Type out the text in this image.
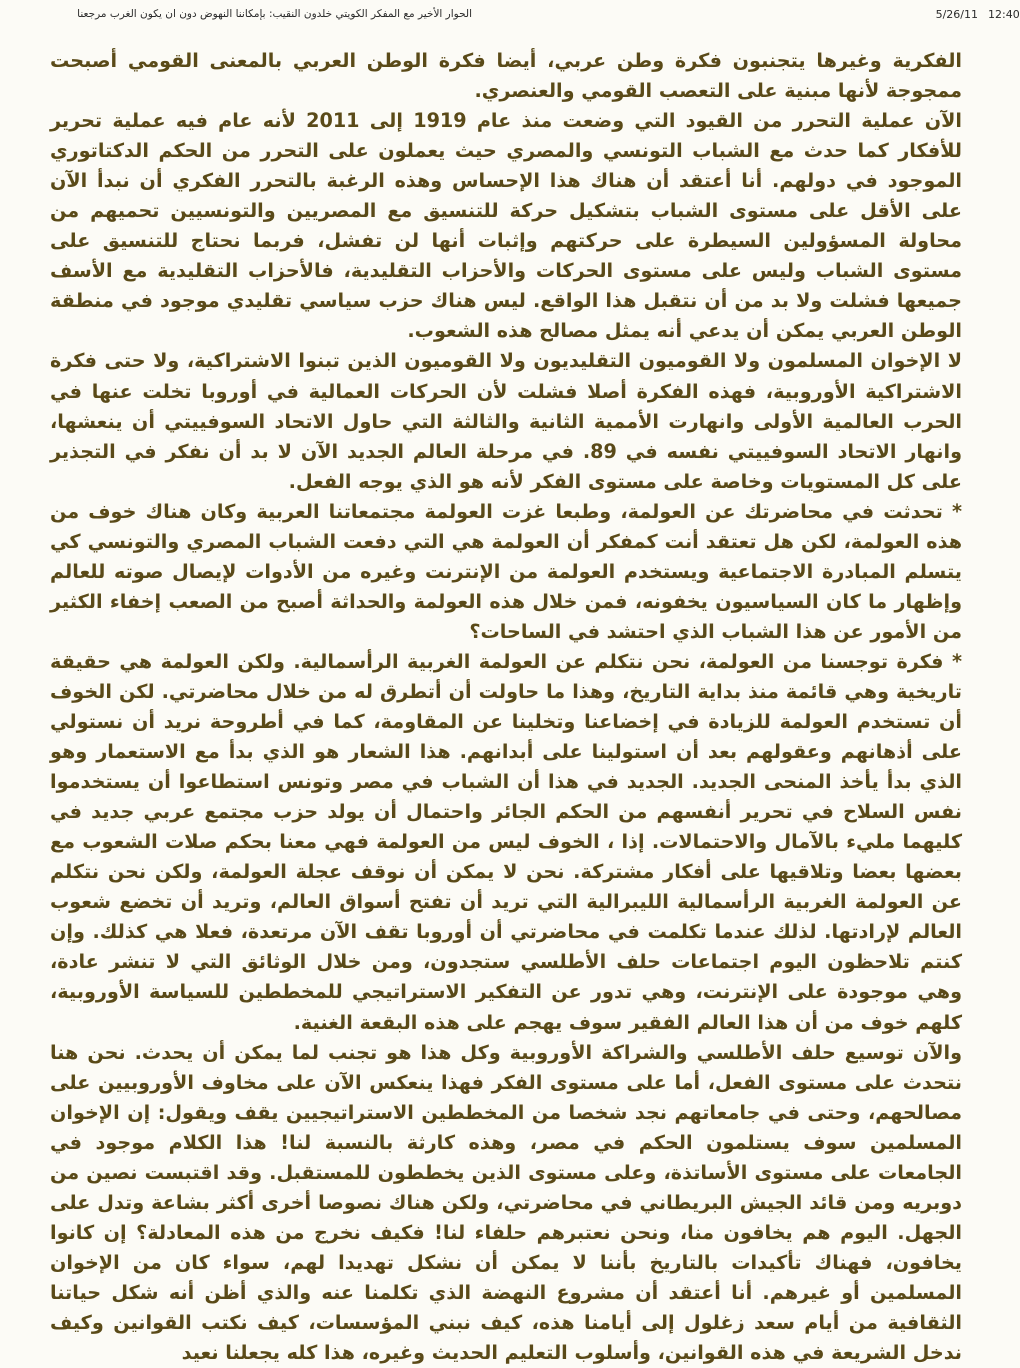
الحوار الأخير مع المفكر الكويتي خلدون النقيب: بإمكاننا النهوض دون ان يكون الغرب مرجعنا	5/26/11 12:40

الفكرية وغيرها يتجنبون فكرة وطن عربي، أيضا فكرة الوطن العربي بالمعنى القومي أصبحت ممجوجة لأنها مبنية على التعصب القومي والعنصري.

الآن عملية التحرر من القيود التي وضعت منذ عام 1919 إلى 2011 لأنه عام فيه عملية تحرير للأفكار كما حدث مع الشباب التونسي والمصري حيث يعملون على التحرر من الحكم الدكتاتوري الموجود في دولهم. أنا أعتقد أن هناك هذا الإحساس وهذه الرغبة بالتحرر الفكري أن نبدأ الآن على الأقل على مستوى الشباب بتشكيل حركة للتنسيق مع المصريين والتونسيين تحميهم من محاولة المسؤولين السيطرة على حركتهم وإثبات أنها لن تفشل، فربما نحتاج للتنسيق على مستوى الشباب وليس على مستوى الحركات والأحزاب التقليدية، فالأحزاب التقليدية مع الأسف جميعها فشلت ولا بد من أن نتقبل هذا الواقع. ليس هناك حزب سياسي تقليدي موجود في منطقة الوطن العربي يمكن أن يدعي أنه يمثل مصالح هذه الشعوب.

لا الإخوان المسلمون ولا القوميون التقليديون ولا القوميون الذين تبنوا الاشتراكية، ولا حتى فكرة الاشتراكية الأوروبية، فهذه الفكرة أصلا فشلت لأن الحركات العمالية في أوروبا تخلت عنها في الحرب العالمية الأولى وانهارت الأممية الثانية والثالثة التي حاول الاتحاد السوفييتي أن ينعشها، وانهار الاتحاد السوفييتي نفسه في 89. في مرحلة العالم الجديد الآن لا بد أن نفكر في التجذير على كل المستويات وخاصة على مستوى الفكر لأنه هو الذي يوجه الفعل.

* تحدثت في محاضرتك عن العولمة، وطبعا غزت العولمة مجتمعاتنا العربية وكان هناك خوف من هذه العولمة، لكن هل تعتقد أنت كمفكر أن العولمة هي التي دفعت الشباب المصري والتونسي كي يتسلم المبادرة الاجتماعية ويستخدم العولمة من الإنترنت وغيره من الأدوات لإيصال صوته للعالم وإظهار ما كان السياسيون يخفونه، فمن خلال هذه العولمة والحداثة أصبح من الصعب إخفاء الكثير من الأمور عن هذا الشباب الذي احتشد في الساحات؟

* فكرة توجسنا من العولمة، نحن نتكلم عن العولمة الغربية الرأسمالية. ولكن العولمة هي حقيقة تاريخية وهي قائمة منذ بداية التاريخ، وهذا ما حاولت أن أتطرق له من خلال محاضرتي. لكن الخوف أن تستخدم العولمة للزيادة في إخضاعنا وتخلينا عن المقاومة، كما في أطروحة نريد أن نستولي على أذهانهم وعقولهم بعد أن استولينا على أبدانهم. هذا الشعار هو الذي بدأ مع الاستعمار وهو الذي بدأ يأخذ المنحى الجديد. الجديد في هذا أن الشباب في مصر وتونس استطاعوا أن يستخدموا نفس السلاح في تحرير أنفسهم من الحكم الجائر واحتمال أن يولد حزب مجتمع عربي جديد في كليهما مليء بالآمال والاحتمالات. إذا ، الخوف ليس من العولمة فهي معنا بحكم صلات الشعوب مع بعضها بعضا وتلاقيها على أفكار مشتركة. نحن لا يمكن أن نوقف عجلة العولمة، ولكن نحن نتكلم عن العولمة الغربية الرأسمالية الليبرالية التي تريد أن تفتح أسواق العالم، وتريد أن تخضع شعوب العالم لإرادتها. لذلك عندما تكلمت في محاضرتي أن أوروبا تقف الآن مرتعدة، فعلا هي كذلك. وإن كنتم تلاحظون اليوم اجتماعات حلف الأطلسي ستجدون، ومن خلال الوثائق التي لا تنشر عادة، وهي موجودة على الإنترنت، وهي تدور عن التفكير الاستراتيجي للمخططين للسياسة الأوروبية، كلهم خوف من أن هذا العالم الفقير سوف يهجم على هذه البقعة الغنية.

والآن توسيع حلف الأطلسي والشراكة الأوروبية وكل هذا هو تجنب لما يمكن أن يحدث. نحن هنا نتحدث على مستوى الفعل، أما على مستوى الفكر فهذا ينعكس الآن على مخاوف الأوروبيين على مصالحهم، وحتى في جامعاتهم نجد شخصا من المخططين الاستراتيجيين يقف ويقول: إن الإخوان المسلمين سوف يستلمون الحكم في مصر، وهذه كارثة بالنسبة لنا! هذا الكلام موجود في الجامعات على مستوى الأساتذة، وعلى مستوى الذين يخططون للمستقبل. وقد اقتبست نصين من دوبريه ومن قائد الجيش البريطاني في محاضرتي، ولكن هناك نصوصا أخرى أكثر بشاعة وتدل على الجهل. اليوم هم يخافون منا، ونحن نعتبرهم حلفاء لنا! فكيف نخرج من هذه المعادلة؟ إن كانوا يخافون، فهناك تأكيدات بالتاريخ بأننا لا يمكن أن نشكل تهديدا لهم، سواء كان من الإخوان المسلمين أو غيرهم. أنا أعتقد أن مشروع النهضة الذي تكلمنا عنه والذي أظن أنه شكل حياتنا الثقافية من أيام سعد زغلول إلى أيامنا هذه، كيف نبني المؤسسات، كيف نكتب القوانين وكيف ندخل الشريعة في هذه القوانين، وأسلوب التعليم الحديث وغيره، هذا كله يجعلنا نعيد
